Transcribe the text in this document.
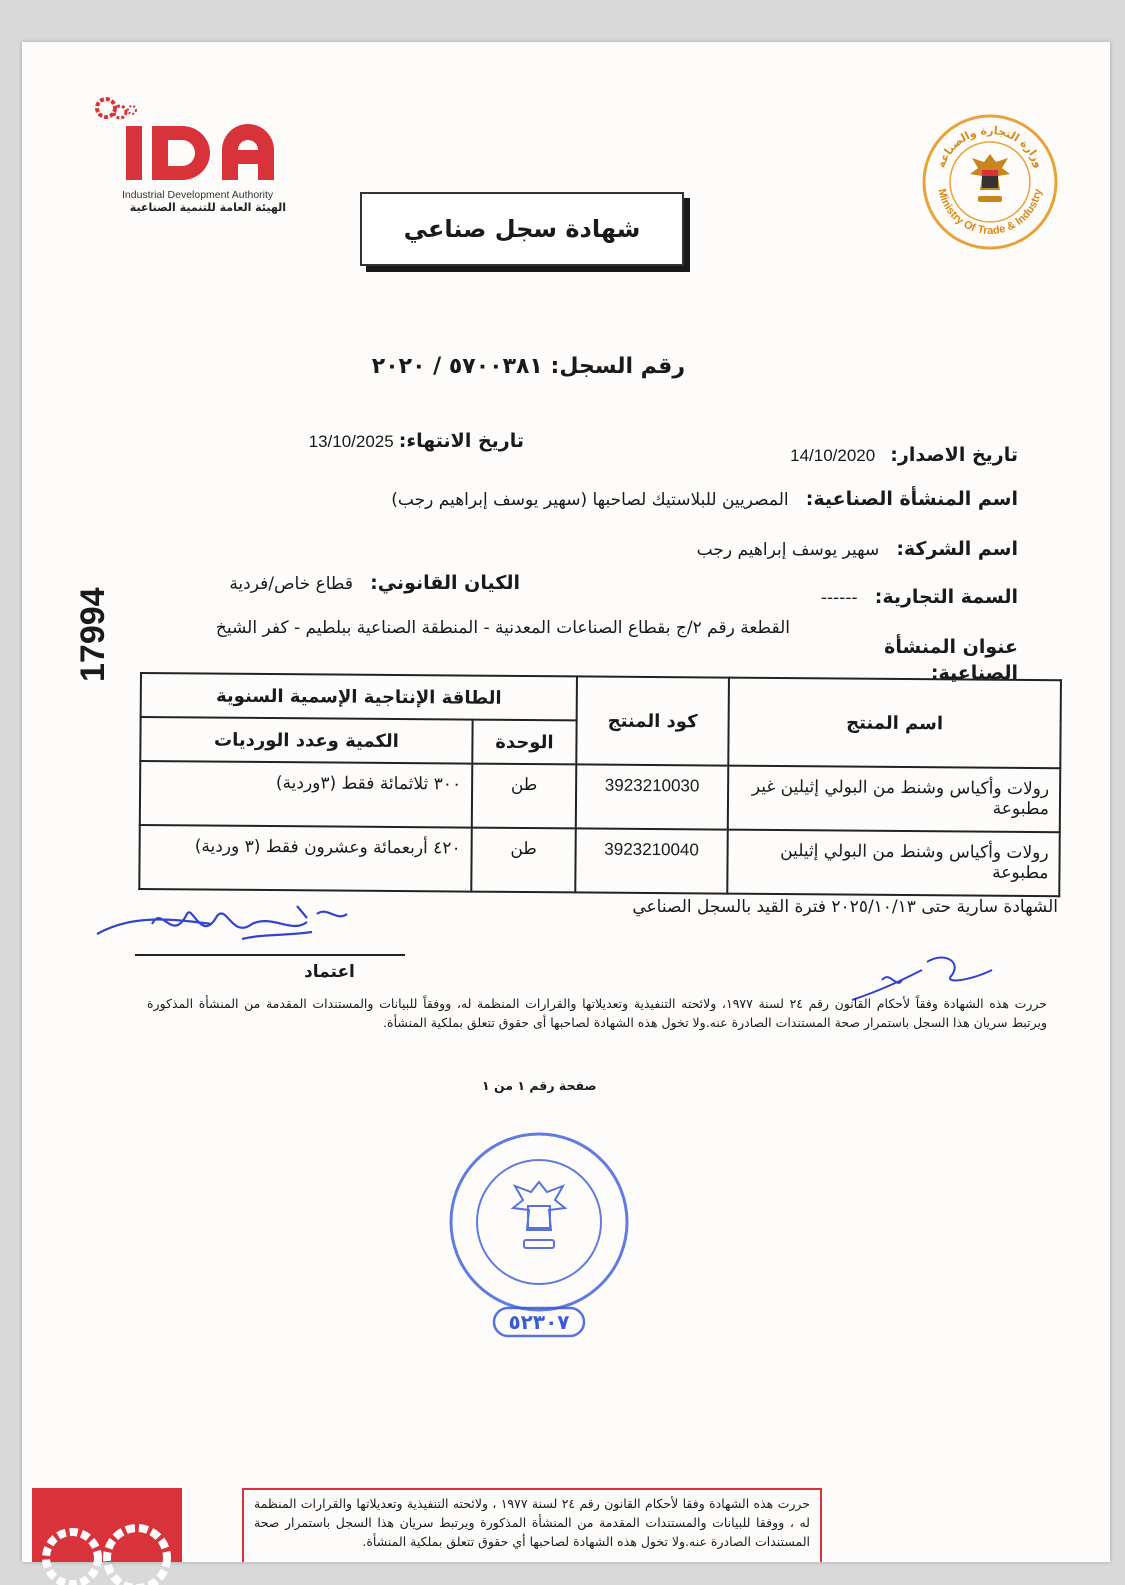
Industrial Development Authority
الهيئة العامة للتنمية الصناعية
وزارة التجارة والصناعة
Ministry Of Trade & Industry
شهادة سجل صناعي
رقم السجل: ٥٧٠٠٣٨١ / ٢٠٢٠
17994
تاريخ الانتهاء: 13/10/2025
تاريخ الاصدار: 14/10/2020
اسم المنشأة الصناعية: المصريين للبلاستيك لصاحبها (سهير يوسف إبراهيم رجب)
اسم الشركة: سهير يوسف إبراهيم رجب
الكيان القانوني: قطاع خاص/فردية
السمة التجارية: ------
عنوان المنشأة الصناعية:
القطعة رقم ٢/ج بقطاع الصناعات المعدنية - المنطقة الصناعية ببلطيم - كفر الشيخ
اسم المنتج	كود المنتج	الطاقة الإنتاجية الإسمية السنوية	
		الوحدة	الكمية وعدد الورديات
رولات وأكياس وشنط من البولي إثيلين غير مطبوعة	3923210030	طن	٣٠٠ ثلاثمائة فقط (٣وردية)
رولات وأكياس وشنط من البولي إثيلين مطبوعة	3923210040	طن	٤٢٠ أربعمائة وعشرون فقط (٣ وردية)
الشهادة سارية حتى ٢٠٢٥/١٠/١٣ فترة القيد بالسجل الصناعي
اعتماد
حررت هذه الشهادة وفقاً لأحكام القانون رقم ٢٤ لسنة ١٩٧٧، ولائحته التنفيذية وتعديلاتها والقرارات المنظمة له، ووفقاً للبيانات والمستندات المقدمة من المنشأة المذكورة ويرتبط سريان هذا السجل باستمرار صحة المستندات الصادرة عنه.ولا تخول هذه الشهادة لصاحبها أى حقوق تتعلق بملكية المنشأة.
صفحة رقم ١ من ١
٥٢٣٠٧
حررت هذه الشهادة وفقا لأحكام القانون رقم ٢٤ لسنة ١٩٧٧ ، ولائحته التنفيذية وتعديلاتها والقرارات المنظمة له ، ووفقا للبيانات والمستندات المقدمة من المنشأة المذكورة ويرتبط سريان هذا السجل باستمرار صحة المستندات الصادرة عنه.ولا تخول هذه الشهادة لصاحبها أي حقوق تتعلق بملكية المنشأة.
